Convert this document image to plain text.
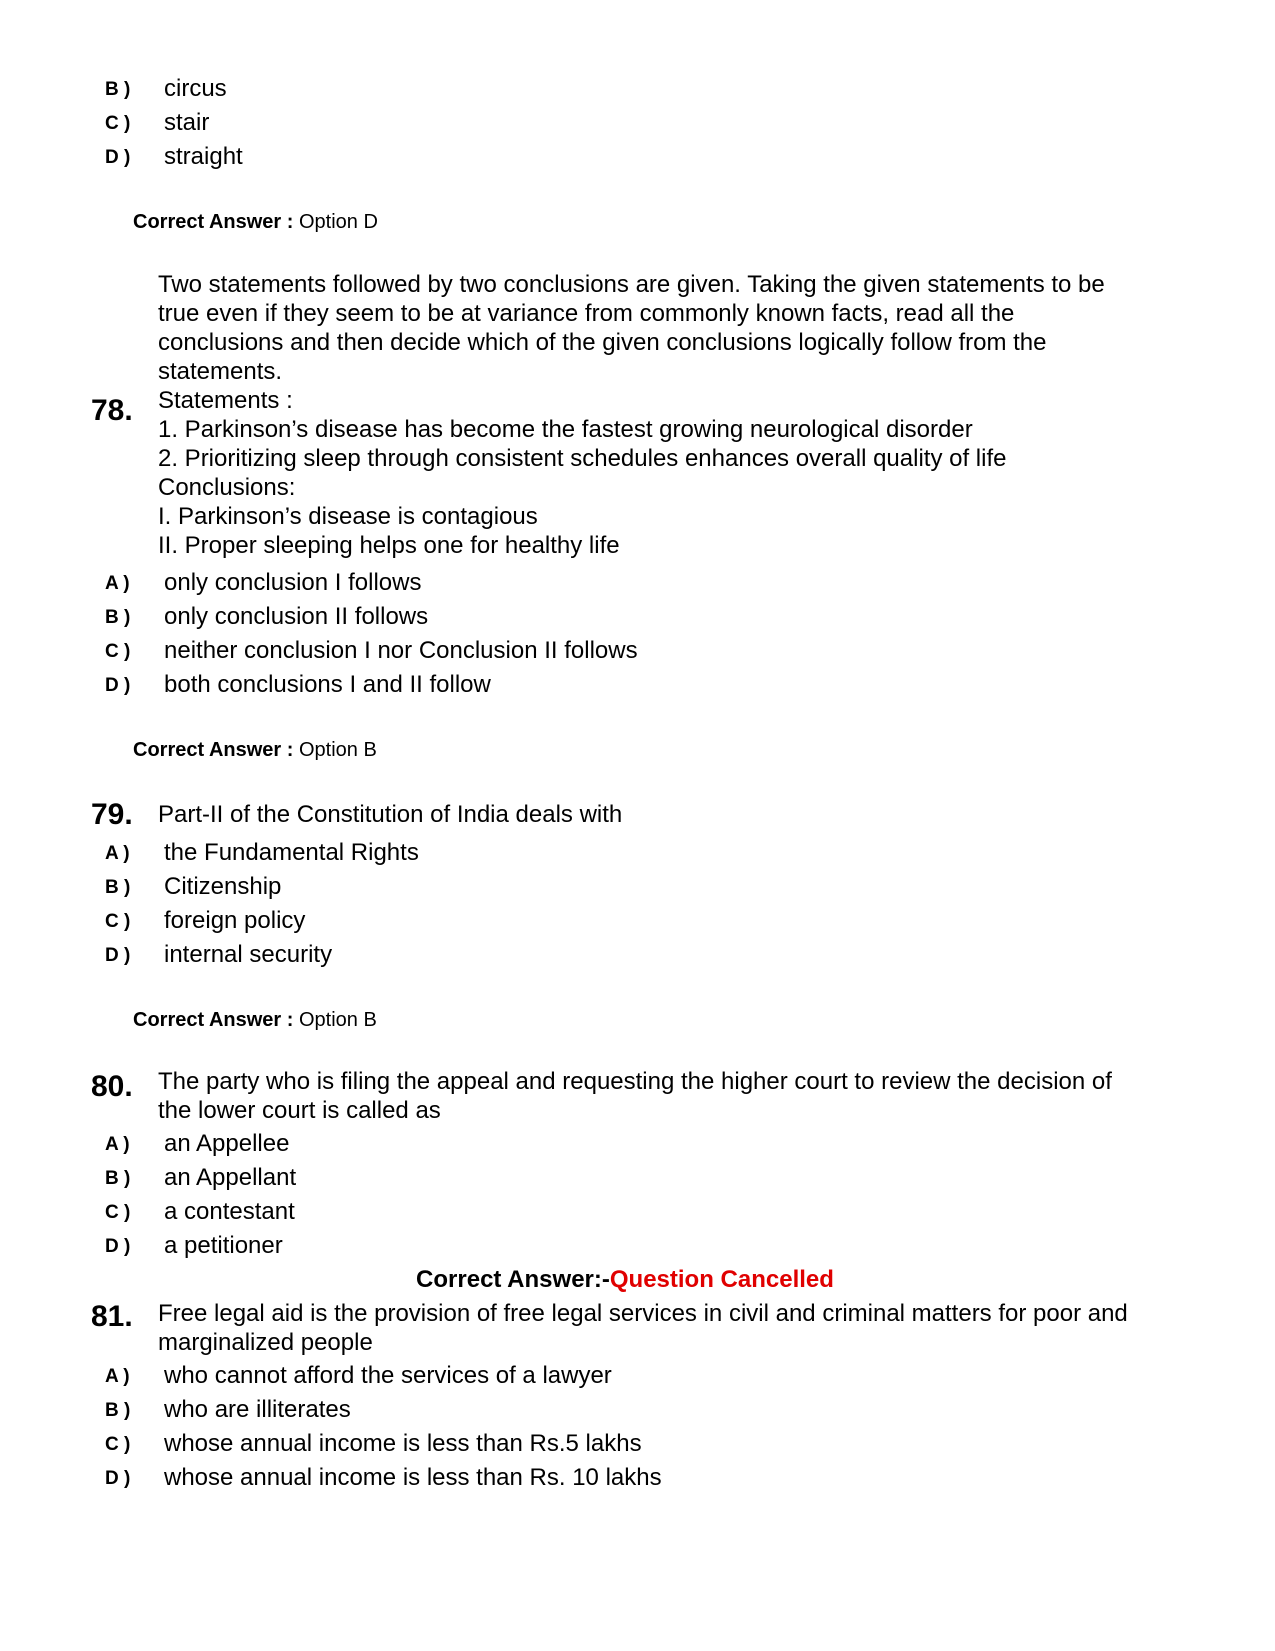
B ) circus
C ) stair
D ) straight
Correct Answer : Option D
78.
Two statements followed by two conclusions are given. Taking the given statements to be
true even if they seem to be at variance from commonly known facts, read all the
conclusions and then decide which of the given conclusions logically follow from the
statements.
Statements :
1. Parkinson’s disease has become the fastest growing neurological disorder
2. Prioritizing sleep through consistent schedules enhances overall quality of life
Conclusions:
I. Parkinson’s disease is contagious
II. Proper sleeping helps one for healthy life
A ) only conclusion I follows
B ) only conclusion II follows
C ) neither conclusion I nor Conclusion II follows
D ) both conclusions I and II follow
Correct Answer : Option B
79. Part-II of the Constitution of India deals with
A ) the Fundamental Rights
B ) Citizenship
C ) foreign policy
D ) internal security
Correct Answer : Option B
80. The party who is filing the appeal and requesting the higher court to review the decision of
the lower court is called as
A ) an Appellee
B ) an Appellant
C ) a contestant
D ) a petitioner
Correct Answer:-Question Cancelled
81. Free legal aid is the provision of free legal services in civil and criminal matters for poor and
marginalized people
A ) who cannot afford the services of a lawyer
B ) who are illiterates
C ) whose annual income is less than Rs.5 lakhs
D ) whose annual income is less than Rs. 10 lakhs
